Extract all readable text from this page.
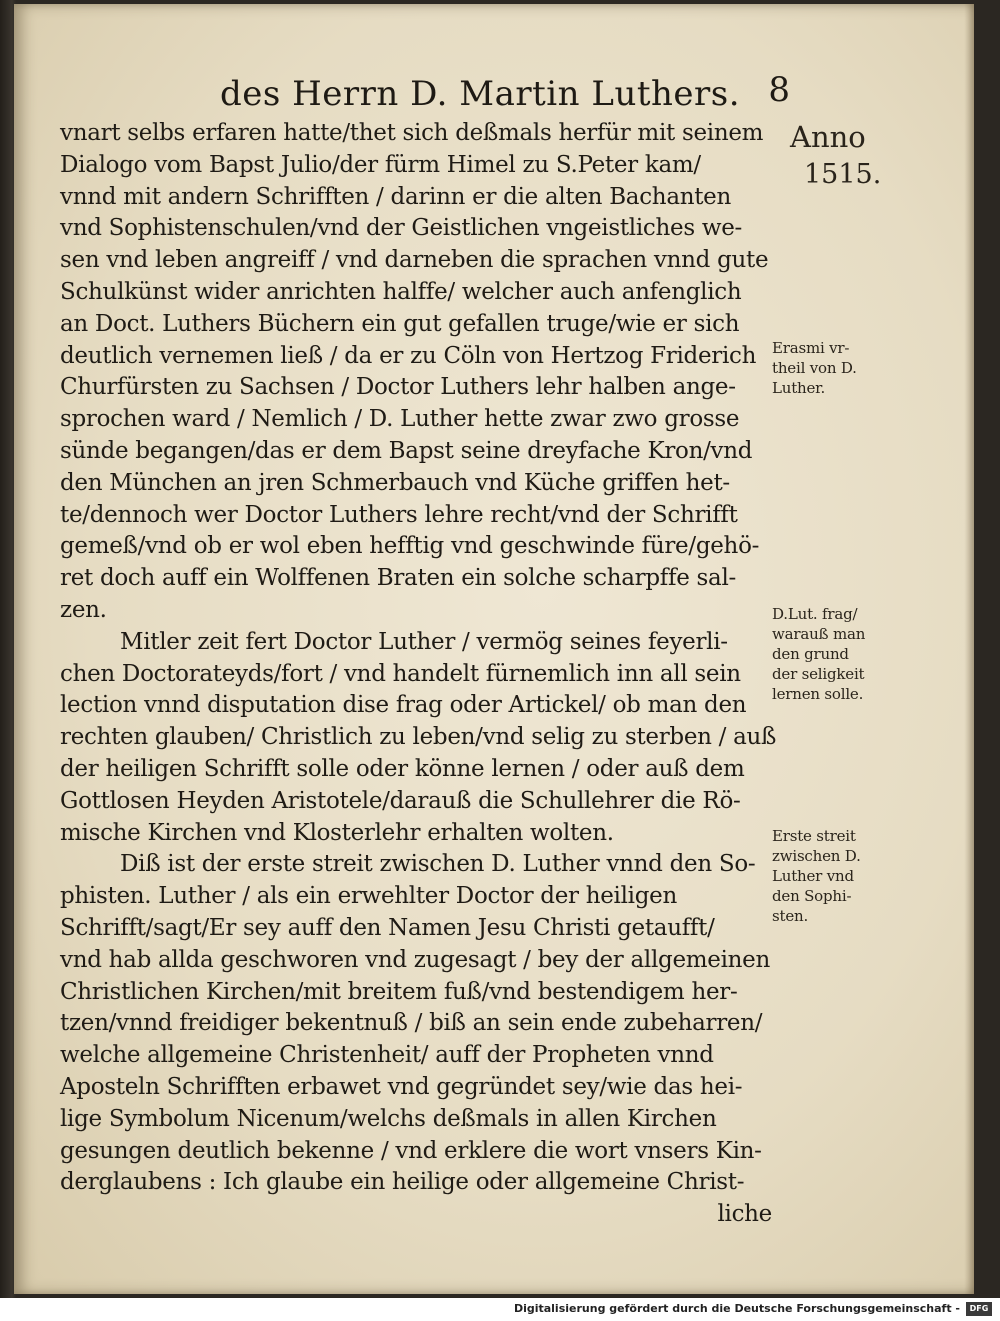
des Herrn D. Martin Luthers. 8
vnart selbs erfaren hatte/thet sich deßmals herfür mit seinem
Dialogo vom Bapst Julio/der fürm Himel zu S.Peter kam/
vnnd mit andern Schrifften / darinn er die alten Bachanten
vnd Sophistenschulen/vnd der Geistlichen vngeistliches we-
sen vnd leben angreiff / vnd darneben die sprachen vnnd gute
Schulkünst wider anrichten halffe/ welcher auch anfenglich
an Doct. Luthers Büchern ein gut gefallen truge/wie er sich
deutlich vernemen ließ / da er zu Cöln von Hertzog Friderich
Churfürsten zu Sachsen / Doctor Luthers lehr halben ange-
sprochen ward / Nemlich / D. Luther hette zwar zwo grosse
sünde begangen/das er dem Bapst seine dreyfache Kron/vnd
den München an jren Schmerbauch vnd Küche griffen het-
te/dennoch wer Doctor Luthers lehre recht/vnd der Schrifft
gemeß/vnd ob er wol eben hefftig vnd geschwinde füre/gehö-
ret doch auff ein Wolffenen Braten ein solche scharpffe sal-
zen.
Mitler zeit fert Doctor Luther / vermög seines feyerli-
chen Doctorateyds/fort / vnd handelt fürnemlich inn all sein
lection vnnd disputation dise frag oder Artickel/ ob man den
rechten glauben/ Christlich zu leben/vnd selig zu sterben / auß
der heiligen Schrifft solle oder könne lernen / oder auß dem
Gottlosen Heyden Aristotele/darauß die Schullehrer die Rö-
mische Kirchen vnd Klosterlehr erhalten wolten.
Diß ist der erste streit zwischen D. Luther vnnd den So-
phisten. Luther / als ein erwehlter Doctor der heiligen
Schrifft/sagt/Er sey auff den Namen Jesu Christi getaufft/
vnd hab allda geschworen vnd zugesagt / bey der allgemeinen
Christlichen Kirchen/mit breitem fuß/vnd bestendigem her-
tzen/vnnd freidiger bekentnuß / biß an sein ende zubeharren/
welche allgemeine Christenheit/ auff der Propheten vnnd
Aposteln Schrifften erbawet vnd gegründet sey/wie das hei-
lige Symbolum Nicenum/welchs deßmals in allen Kirchen
gesungen deutlich bekenne / vnd erklere die wort vnsers Kin-
derglaubens : Ich glaube ein heilige oder allgemeine Christ-
liche
Anno
1515.
Erasmi vr-
theil von D.
Luther.
D.Lut. frag/
warauß man
den grund
der seligkeit
lernen solle.
Erste streit
zwischen D.
Luther vnd
den Sophi-
sten.
Digitalisierung gefördert durch die Deutsche Forschungsgemeinschaft -	DFG
